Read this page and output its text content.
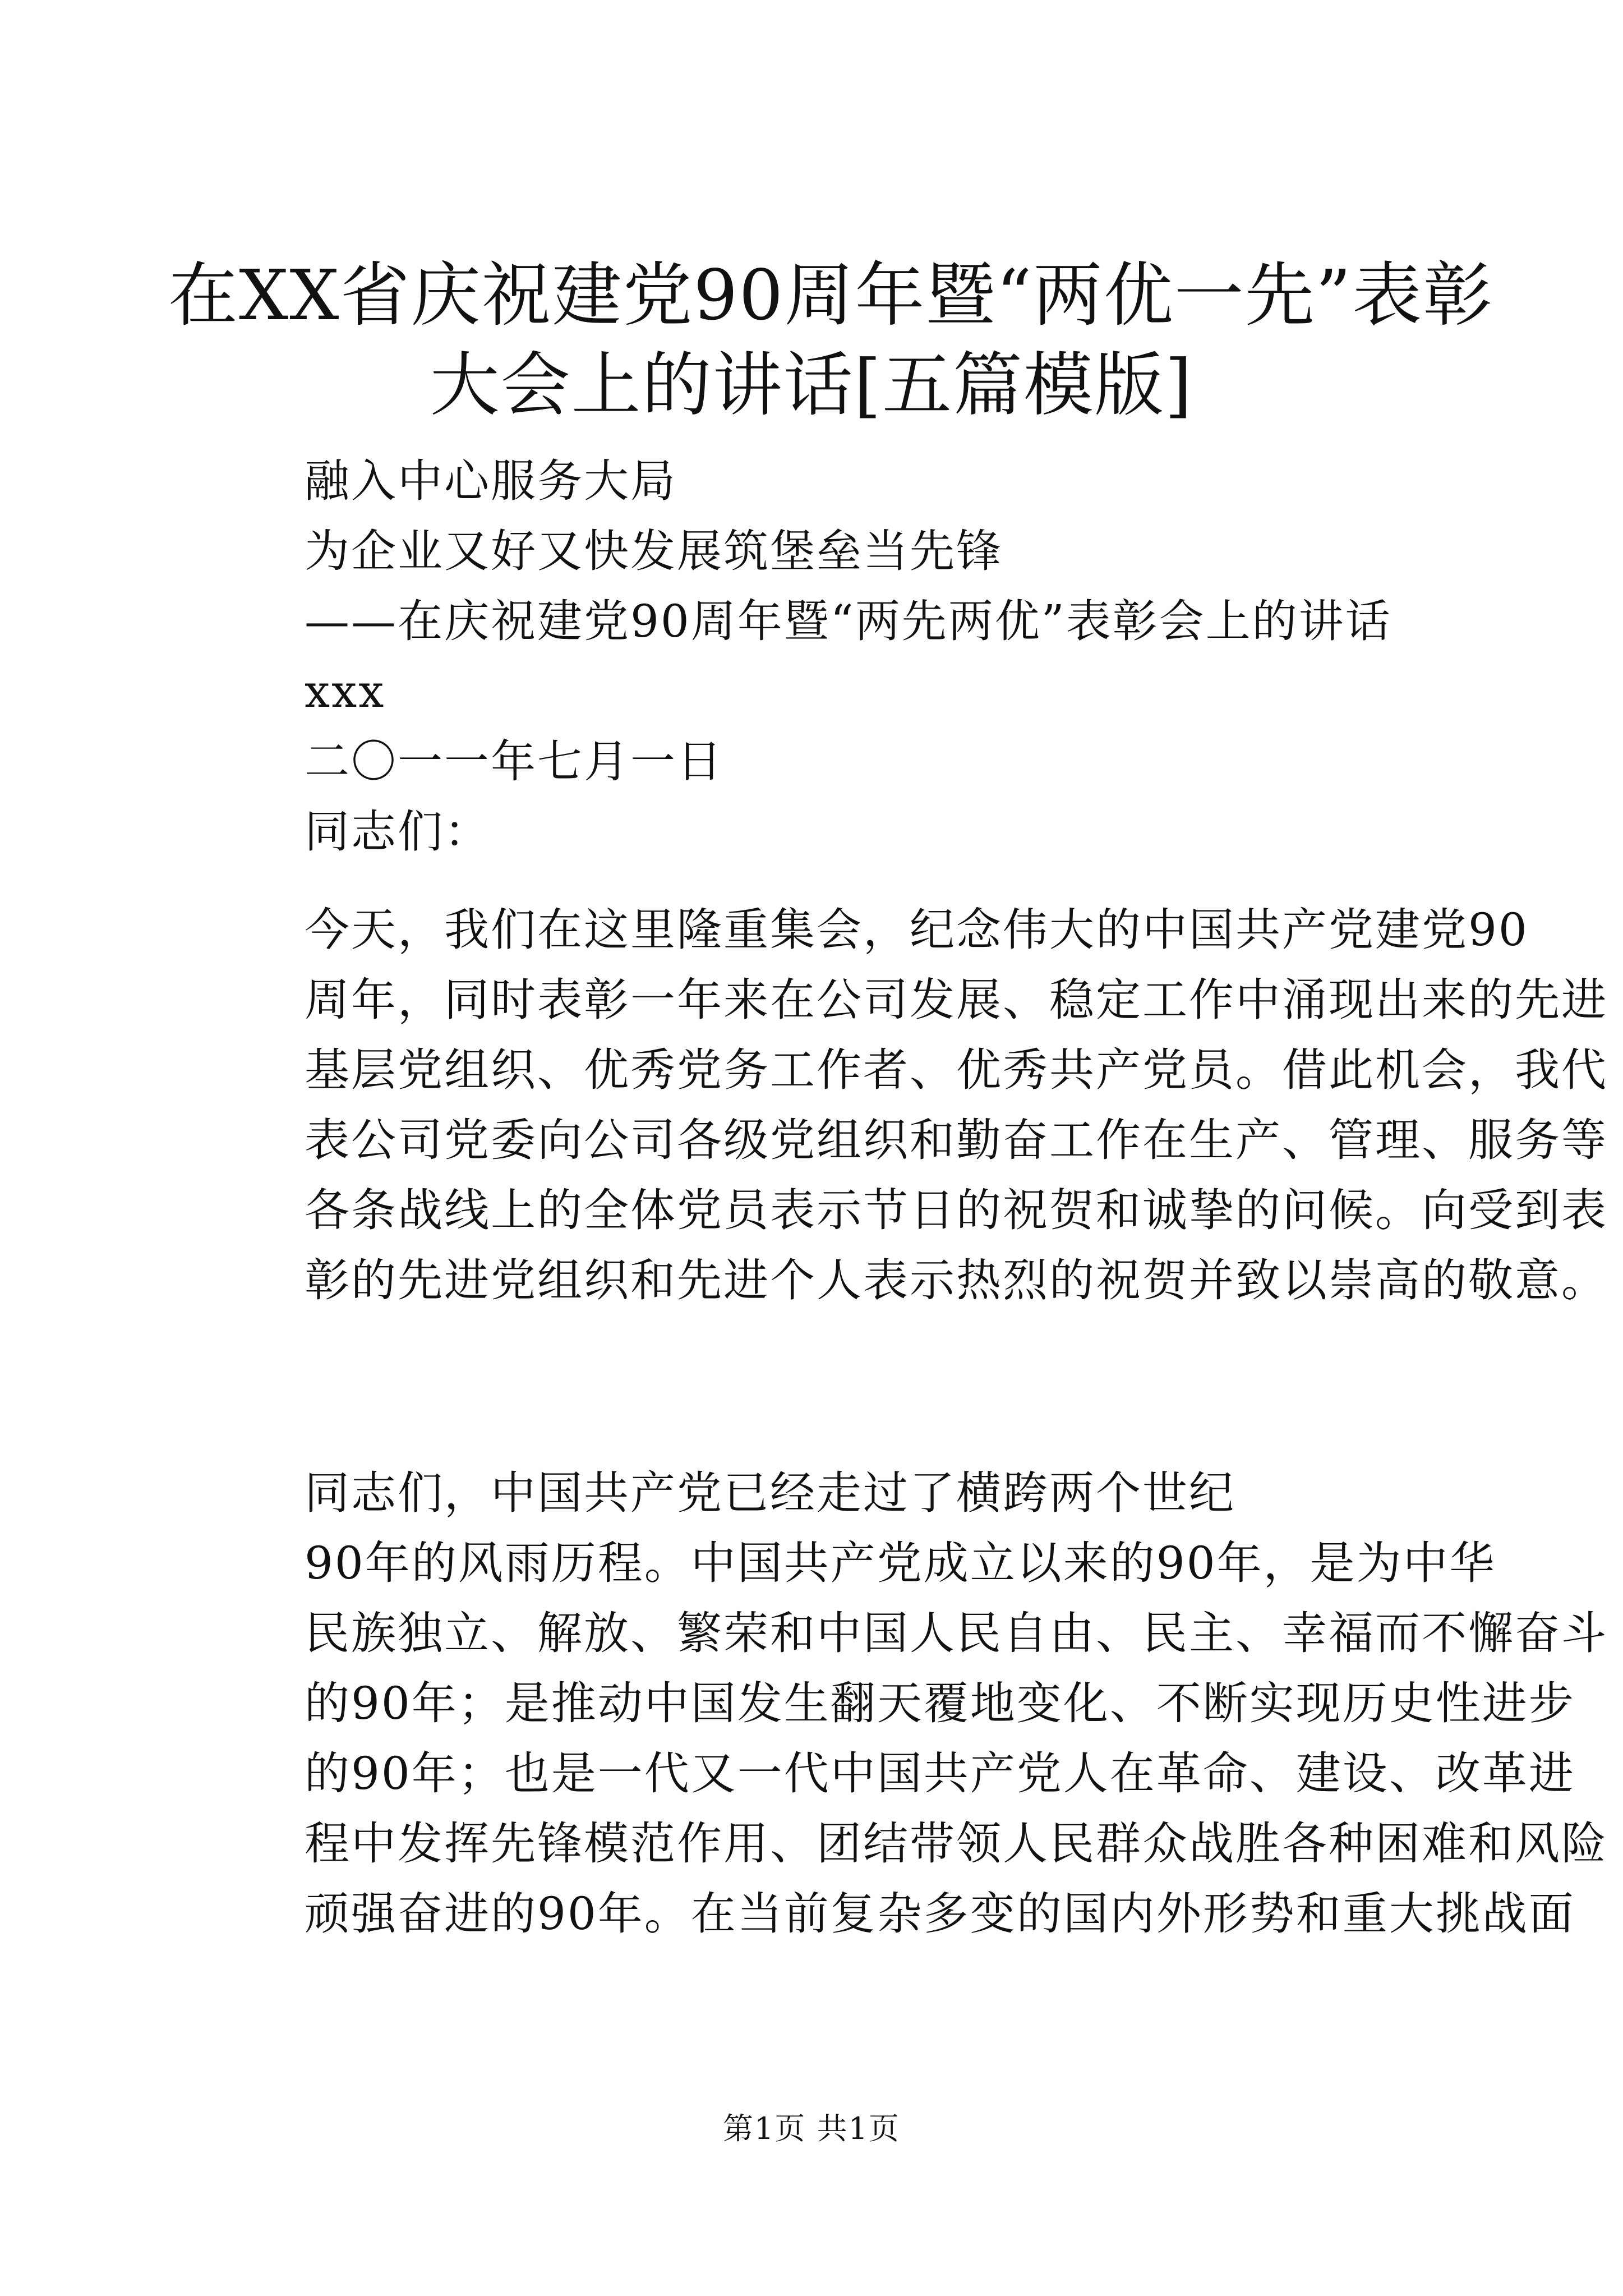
在XX省庆祝建党90周年暨“两优一先”表彰
大会上的讲话[五篇模版]
融入中心服务大局
为企业又好又快发展筑堡垒当先锋
——在庆祝建党90周年暨“两先两优”表彰会上的讲话
xxx
二〇一一年七月一日
同志们：
今天，我们在这里隆重集会，纪念伟大的中国共产党建党90
周年，同时表彰一年来在公司发展、稳定工作中涌现出来的先进
基层党组织、优秀党务工作者、优秀共产党员。借此机会，我代
表公司党委向公司各级党组织和勤奋工作在生产、管理、服务等
各条战线上的全体党员表示节日的祝贺和诚挚的问候。向受到表
彰的先进党组织和先进个人表示热烈的祝贺并致以崇高的敬意。
同志们，中国共产党已经走过了横跨两个世纪
90年的风雨历程。中国共产党成立以来的90年，是为中华
民族独立、解放、繁荣和中国人民自由、民主、幸福而不懈奋斗
的90年；是推动中国发生翻天覆地变化、不断实现历史性进步
的90年；也是一代又一代中国共产党人在革命、建设、改革进
程中发挥先锋模范作用、团结带领人民群众战胜各种困难和风险
顽强奋进的90年。在当前复杂多变的国内外形势和重大挑战面
第1页 共1页
